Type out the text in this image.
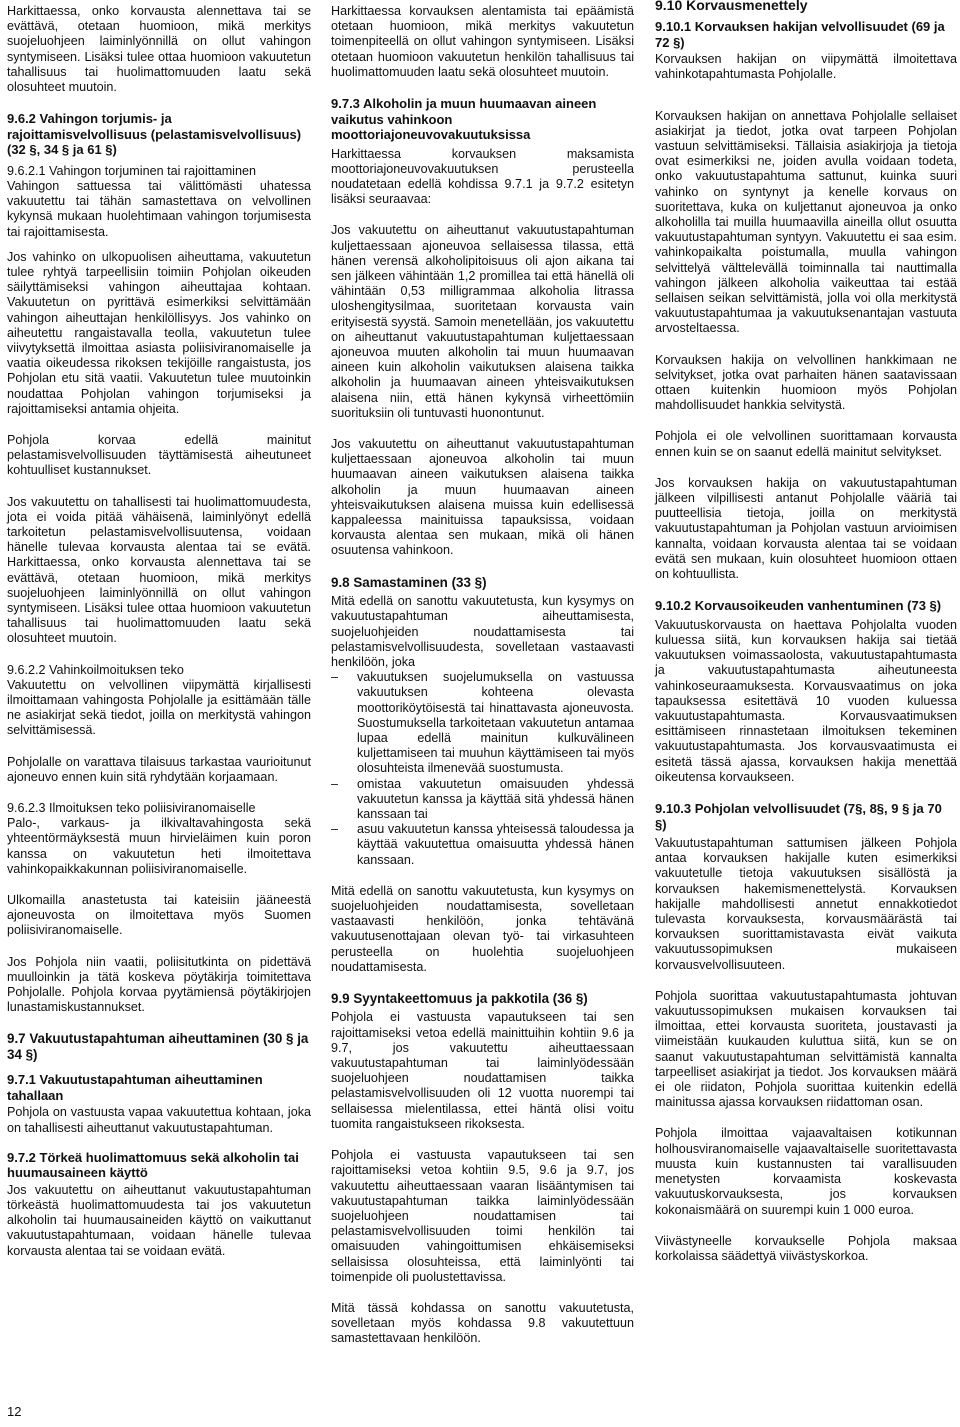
Harkittaessa, onko korvausta alennettava tai se evättävä, otetaan huomioon, mikä merkitys suojeluohjeen laiminlyönnillä on ollut vahingon syntymiseen. Lisäksi tulee ottaa huomioon vakuutetun tahallisuus tai huolimattomuuden laatu sekä olosuhteet muutoin.

9.6.2 Vahingon torjumis- ja rajoittamisvelvollisuus (pelastamisvelvollisuus) (32 §, 34 § ja 61 §)

9.6.2.1 Vahingon torjuminen tai rajoittaminen
Vahingon sattuessa tai välittömästi uhatessa vakuutettu tai tähän samastettava on velvollinen kykynsä mukaan huolehtimaan vahingon torjumisesta tai rajoittamisesta.

Jos vahinko on ulkopuolisen aiheuttama, vakuutetun tulee ryhtyä tarpeellisiin toimiin Pohjolan oikeuden säilyttämiseksi vahingon aiheuttajaa kohtaan. Vakuutetun on pyrittävä esimerkiksi selvittämään vahingon aiheuttajan henkilöllisyys. Jos vahinko on aiheutettu rangaistavalla teolla, vakuutetun tulee viivytyksettä ilmoittaa asiasta poliisiviranomaiselle ja vaatia oikeudessa rikoksen tekijöille rangaistusta, jos Pohjolan etu sitä vaatii. Vakuutetun tulee muutoinkin noudattaa Pohjolan vahingon torjumiseksi ja rajoittamiseksi antamia ohjeita.

Pohjola korvaa edellä mainitut pelastamisvelvollisuuden täyttämisestä aiheutuneet kohtuulliset kustannukset.

Jos vakuutettu on tahallisesti tai huolimattomuudesta, jota ei voida pitää vähäisenä, laiminlyönyt edellä tarkoitetun pelastamisvelvollisuutensa, voidaan hänelle tulevaa korvausta alentaa tai se evätä. Harkittaessa, onko korvausta alennettava tai se evättävä, otetaan huomioon, mikä merkitys suojeluohjeen laiminlyönnillä on ollut vahingon syntymiseen. Lisäksi tulee ottaa huomioon vakuutetun tahallisuus tai huolimattomuuden laatu sekä olosuhteet muutoin.

9.6.2.2 Vahinkoilmoituksen teko
Vakuutettu on velvollinen viipymättä kirjallisesti ilmoittamaan vahingosta Pohjolalle ja esittämään tälle ne asiakirjat sekä tiedot, joilla on merkitystä vahingon selvittämisessä.

Pohjolalle on varattava tilaisuus tarkastaa vaurioitunut ajoneuvo ennen kuin sitä ryhdytään korjaamaan.

9.6.2.3 Ilmoituksen teko poliisiviranomaiselle
Palo-, varkaus- ja ilkivaltavahingosta sekä yhteentörmäyksestä muun hirvieläimen kuin poron kanssa on vakuutetun heti ilmoitettava vahinkopaikkakunnan poliisiviranomaiselle.

Ulkomailla anastetusta tai kateisiin jääneestä ajoneuvosta on ilmoitettava myös Suomen poliisiviranomaiselle.

Jos Pohjola niin vaatii, poliisitutkinta on pidettävä muulloinkin ja tätä koskeva pöytäkirja toimitettava Pohjolalle. Pohjola korvaa pyytämiensä pöytäkirjojen lunastamiskustannukset.

9.7 Vakuutustapahtuman aiheuttaminen (30 § ja 34 §)

9.7.1 Vakuutustapahtuman aiheuttaminen tahallaan

Pohjola on vastuusta vapaa vakuutettua kohtaan, joka on tahallisesti aiheuttanut vakuutustapahtuman.

9.7.2 Törkeä huolimattomuus sekä alkoholin tai huumausaineen käyttö

Jos vakuutettu on aiheuttanut vakuutustapahtuman törkeästä huolimattomuudesta tai jos vakuutetun alkoholin tai huumausaineiden käyttö on vaikuttanut vakuutustapahtumaan, voidaan hänelle tulevaa korvausta alentaa tai se voidaan evätä.

Harkittaessa korvauksen alentamista tai epäämistä otetaan huomioon, mikä merkitys vakuutetun toimenpiteellä on ollut vahingon syntymiseen. Lisäksi otetaan huomioon vakuutetun henkilön tahallisuus tai huolimattomuuden laatu sekä olosuhteet muutoin.

9.7.3 Alkoholin ja muun huumaavan aineen vaikutus vahinkoon moottoriajoneuvovakuutuksissa

Harkittaessa korvauksen maksamista moottoriajoneuvovakuutuksen perusteella noudatetaan edellä kohdissa 9.7.1 ja 9.7.2 esitetyn lisäksi seuraavaa:

Jos vakuutettu on aiheuttanut vakuutustapahtuman kuljettaessaan ajoneuvoa sellaisessa tilassa, että hänen verensä alkoholipitoisuus oli ajon aikana tai sen jälkeen vähintään 1,2 promillea tai että hänellä oli vähintään 0,53 milligrammaa alkoholia litrassa uloshengitysilmaa, suoritetaan korvausta vain erityisestä syystä. Samoin menetellään, jos vakuutettu on aiheuttanut vakuutustapahtuman kuljettaessaan ajoneuvoa muuten alkoholin tai muun huumaavan aineen kuin alkoholin vaikutuksen alaisena taikka alkoholin ja huumaavan aineen yhteisvaikutuksen alaisena niin, että hänen kykynsä virheettömiin suorituksiin oli tuntuvasti huonontunut.

Jos vakuutettu on aiheuttanut vakuutustapahtuman kuljettaessaan ajoneuvoa alkoholin tai muun huumaavan aineen vaikutuksen alaisena taikka alkoholin ja muun huumaavan aineen yhteisvaikutuksen alaisena muissa kuin edellisessä kappaleessa mainituissa tapauksissa, voidaan korvausta alentaa sen mukaan, mikä oli hänen osuutensa vahinkoon.

9.8 Samastaminen (33 §)

Mitä edellä on sanottu vakuutetusta, kun kysymys on vakuutustapahtuman aiheuttamisesta, suojeluohjeiden noudattamisesta tai pelastamisvelvollisuudesta, sovelletaan vastaavasti henkilöön, joka

–	vakuutuksen suojelumuksella on vastuussa vakuutuksen kohteena olevasta moottoriköytöisestä tai hinattavasta ajoneuvosta. Suostumuksella tarkoitetaan vakuutetun antamaa lupaa edellä mainitun kulkuvälineen kuljettamiseen tai muuhun käyttämiseen tai myös olosuhteista ilmenevää suostumusta.
–	omistaa vakuutetun omaisuuden yhdessä vakuutetun kanssa ja käyttää sitä yhdessä hänen kanssaan tai
–	asuu vakuutetun kanssa yhteisessä taloudessa ja käyttää vakuutettua omaisuutta yhdessä hänen kanssaan.

Mitä edellä on sanottu vakuutetusta, kun kysymys on suojeluohjeiden noudattamisesta, sovelletaan vastaavasti henkilöön, jonka tehtävänä vakuutusenottajaan olevan työ- tai virkasuhteen perusteella on huolehtia suojeluohjeen noudattamisesta.

9.9 Syyntakeettomuus ja pakkotila (36 §)

Pohjola ei vastuusta vapautukseen tai sen rajoittamiseksi vetoa edellä mainittuihin kohtiin 9.6 ja 9.7, jos vakuutettu aiheuttaessaan vakuutustapahtuman tai laiminlyödessään suojeluohjeen noudattamisen taikka pelastamisvelvollisuuden oli 12 vuotta nuorempi tai sellaisessa mielentilassa, ettei häntä olisi voitu tuomita rangaistukseen rikoksesta.

Pohjola ei vastuusta vapautukseen tai sen rajoittamiseksi vetoa kohtiin 9.5, 9.6 ja 9.7, jos vakuutettu aiheuttaessaan vaaran lisääntymisen tai vakuutustapahtuman taikka laiminlyödessään suojeluohjeen noudattamisen tai pelastamisvelvollisuuden toimi henkilön tai omaisuuden vahingoittumisen ehkäisemiseksi sellaisissa olosuhteissa, että laiminlyönti tai toimenpide oli puolustettavissa.

Mitä tässä kohdassa on sanottu vakuutetusta, sovelletaan myös kohdassa 9.8 vakuutettuun samastettavaan henkilöön.

9.10 Korvausmenettely

9.10.1 Korvauksen hakijan velvollisuudet (69 ja 72 §)

Korvauksen hakijan on viipymättä ilmoitettava vahinkotapahtumasta Pohjolalle.

Korvauksen hakijan on annettava Pohjolalle sellaiset asiakirjat ja tiedot, jotka ovat tarpeen Pohjolan vastuun selvittämiseksi. Tällaisia asiakirjoja ja tietoja ovat esimerkiksi ne, joiden avulla voidaan todeta, onko vakuutustapahtuma sattunut, kuinka suuri vahinko on syntynyt ja kenelle korvaus on suoritettava, kuka on kuljettanut ajoneuvoa ja onko alkoholilla tai muilla huumaavilla aineilla ollut osuutta vakuutustapahtuman syntyyn. Vakuutettu ei saa esim. vahinkopaikalta poistumalla, muulla vahingon selvittelyä välttelevällä toiminnalla tai nauttimalla vahingon jälkeen alkoholia vaikeuttaa tai estää sellaisen seikan selvittämistä, jolla voi olla merkitystä vakuutustapahtumaa ja vakuutuksenantajan vastuuta arvosteltaessa.

Korvauksen hakija on velvollinen hankkimaan ne selvitykset, jotka ovat parhaiten hänen saatavissaan ottaen kuitenkin huomioon myös Pohjolan mahdollisuudet hankkia selvitystä.

Pohjola ei ole velvollinen suorittamaan korvausta ennen kuin se on saanut edellä mainitut selvitykset.

Jos korvauksen hakija on vakuutustapahtuman jälkeen vilpillisesti antanut Pohjolalle vääriä tai puutteellisia tietoja, joilla on merkitystä vakuutustapahtuman ja Pohjolan vastuun arvioimisen kannalta, voidaan korvausta alentaa tai se voidaan evätä sen mukaan, kuin olosuhteet huomioon ottaen on kohtuullista.

9.10.2 Korvausoikeuden vanhentuminen (73 §)

Vakuutuskorvausta on haettava Pohjolalta vuoden kuluessa siitä, kun korvauksen hakija sai tietää vakuutuksen voimassaolosta, vakuutustapahtumasta ja vakuutustapahtumasta aiheutuneesta vahinkoseuraamuksesta. Korvausvaatimus on joka tapauksessa esitettävä 10 vuoden kuluessa vakuutustapahtumasta. Korvausvaatimuksen esittämiseen rinnastetaan ilmoituksen tekeminen vakuutustapahtumasta. Jos korvausvaatimusta ei esitetä tässä ajassa, korvauksen hakija menettää oikeutensa korvaukseen.

9.10.3 Pohjolan velvollisuudet (7§, 8§, 9 § ja 70 §)

Vakuutustapahtuman sattumisen jälkeen Pohjola antaa korvauksen hakijalle kuten esimerkiksi vakuutetulle tietoja vakuutuksen sisällöstä ja korvauksen hakemismenettelystä. Korvauksen hakijalle mahdollisesti annetut ennakkotiedot tulevasta korvauksesta, korvausmäärästä tai korvauksen suorittamistavasta eivät vaikuta vakuutussopimuksen mukaiseen korvausvelvollisuuteen.

Pohjola suorittaa vakuutustapahtumasta johtuvan vakuutussopimuksen mukaisen korvauksen tai ilmoittaa, ettei korvausta suoriteta, joustavasti ja viimeistään kuukauden kuluttua siitä, kun se on saanut vakuutustapahtuman selvittämistä kannalta tarpeelliset asiakirjat ja tiedot. Jos korvauksen määrä ei ole riidaton, Pohjola suorittaa kuitenkin edellä mainitussa ajassa korvauksen riidattoman osan.

Pohjola ilmoittaa vajaavaltaisen kotikunnan holhousviranomaiselle vajaavaltaiselle suoritettavasta muusta kuin kustannusten tai varallisuuden menetysten korvaamista koskevasta vakuutuskorvauksesta, jos korvauksen kokonaismäärä on suurempi kuin 1 000 euroa.

Viivästyneelle korvaukselle Pohjola maksaa korkolaissa säädettyä viivästyskorkoa.

12
